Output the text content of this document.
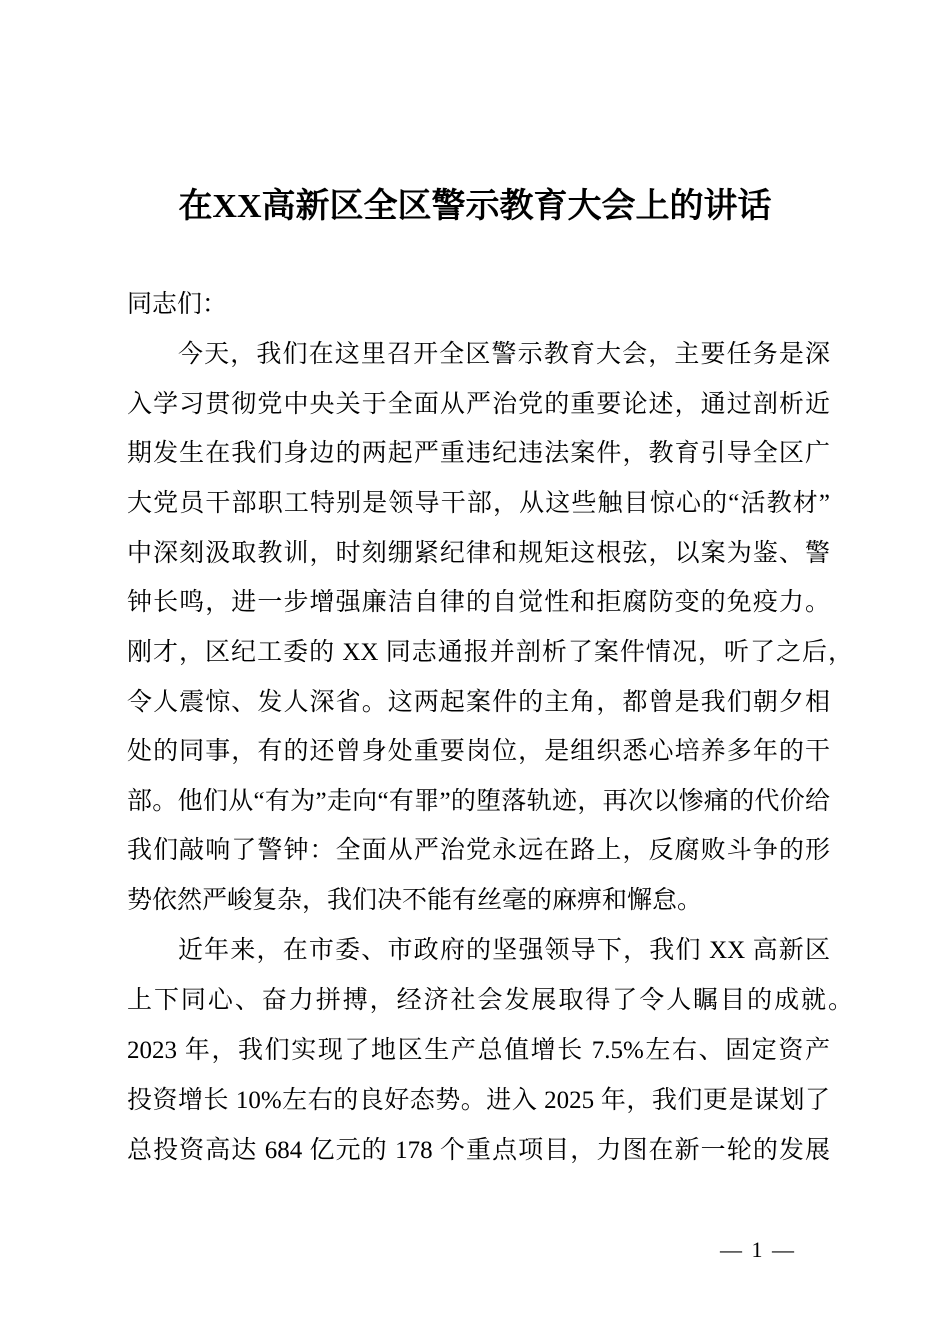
在XX高新区全区警示教育大会上的讲话
同志们：
今天，我们在这里召开全区警示教育大会，主要任务是深
入学习贯彻党中央关于全面从严治党的重要论述，通过剖析近
期发生在我们身边的两起严重违纪违法案件，教育引导全区广
大党员干部职工特别是领导干部，从这些触目惊心的“活教材”
中深刻汲取教训，时刻绷紧纪律和规矩这根弦，以案为鉴、警
钟长鸣，进一步增强廉洁自律的自觉性和拒腐防变的免疫力。
刚才，区纪工委的 XX 同志通报并剖析了案件情况，听了之后，
令人震惊、发人深省。这两起案件的主角，都曾是我们朝夕相
处的同事，有的还曾身处重要岗位，是组织悉心培养多年的干
部。他们从“有为”走向“有罪”的堕落轨迹，再次以惨痛的代价给
我们敲响了警钟：全面从严治党永远在路上，反腐败斗争的形
势依然严峻复杂，我们决不能有丝毫的麻痹和懈怠。
近年来，在市委、市政府的坚强领导下，我们 XX 高新区
上下同心、奋力拼搏，经济社会发展取得了令人瞩目的成就。
2023 年，我们实现了地区生产总值增长 7.5%左右、固定资产
投资增长 10%左右的良好态势。进入 2025 年，我们更是谋划了
总投资高达 684 亿元的 178 个重点项目，力图在新一轮的发展
— 1 —
